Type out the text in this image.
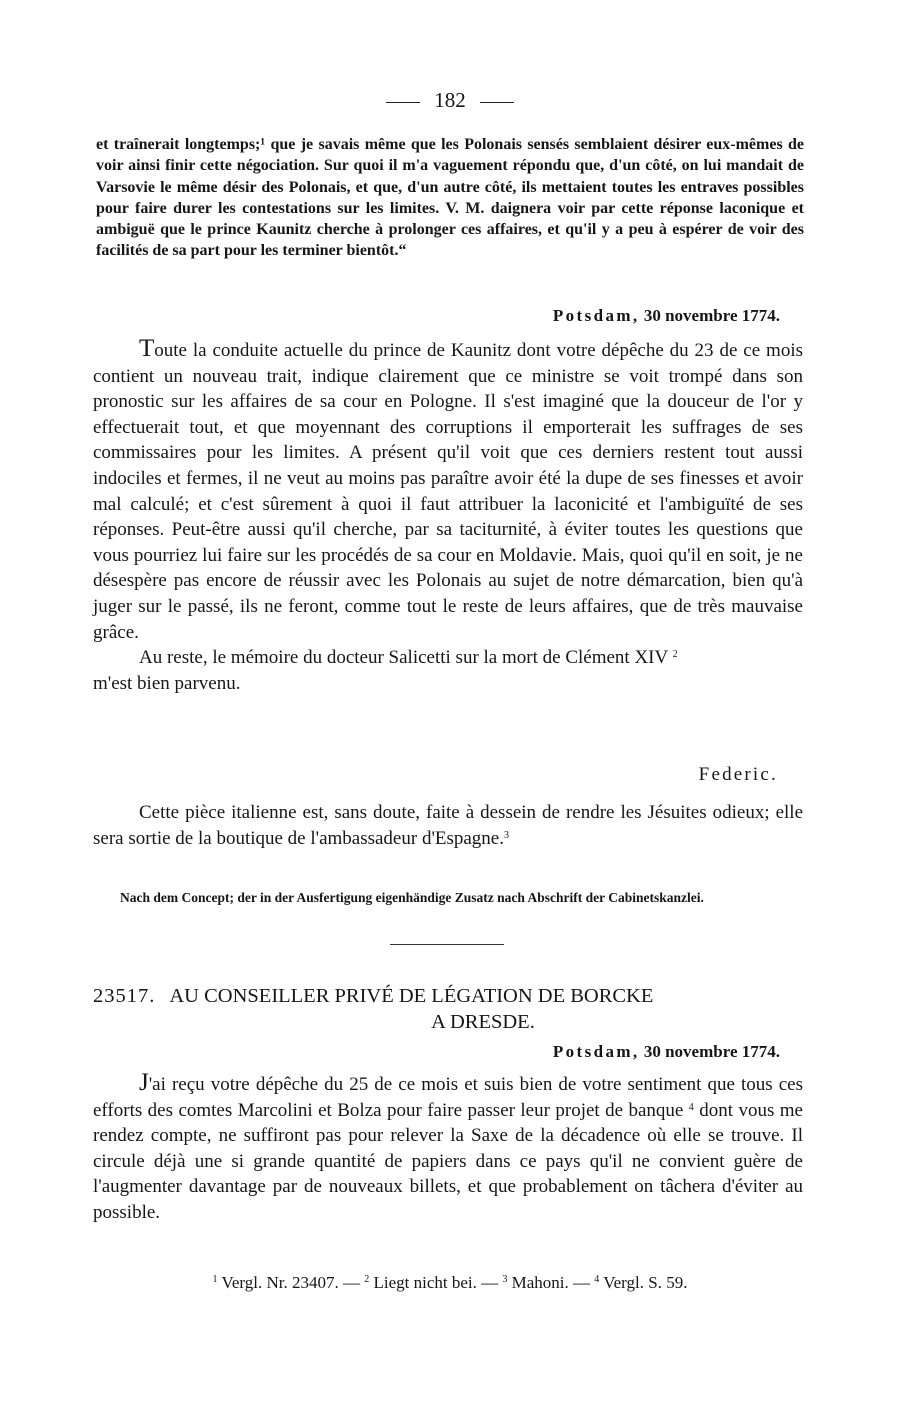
182
et traînerait longtemps;¹ que je savais même que les Polonais sensés semblaient désirer eux-mêmes de voir ainsi finir cette négociation. Sur quoi il m'a vaguement répondu que, d'un côté, on lui mandait de Varsovie le même désir des Polonais, et que, d'un autre côté, ils mettaient toutes les entraves possibles pour faire durer les contestations sur les limites. V. M. daignera voir par cette réponse laconique et ambiguë que le prince Kaunitz cherche à prolonger ces affaires, et qu'il y a peu à espérer de voir des facilités de sa part pour les terminer bientôt.“
Potsdam, 30 novembre 1774.

Toute la conduite actuelle du prince de Kaunitz dont votre dépêche du 23 de ce mois contient un nouveau trait, indique clairement que ce ministre se voit trompé dans son pronostic sur les affaires de sa cour en Pologne. Il s'est imaginé que la douceur de l'or y effectuerait tout, et que moyennant des corruptions il emporterait les suffrages de ses commissaires pour les limites. A présent qu'il voit que ces derniers restent tout aussi indociles et fermes, il ne veut au moins pas paraître avoir été la dupe de ses finesses et avoir mal calculé; et c'est sûrement à quoi il faut attribuer la laconicité et l'ambiguïté de ses réponses. Peut-être aussi qu'il cherche, par sa taciturnité, à éviter toutes les questions que vous pourriez lui faire sur les procédés de sa cour en Moldavie. Mais, quoi qu'il en soit, je ne désespère pas encore de réussir avec les Polonais au sujet de notre démarcation, bien qu'à juger sur le passé, ils ne feront, comme tout le reste de leurs affaires, que de très mauvaise grâce.

Au reste, le mémoire du docteur Salicetti sur la mort de Clément XIV $^2$
m'est bien parvenu.

Federic.

Cette pièce italienne est, sans doute, faite à dessein de rendre les Jésuites odieux; elle sera sortie de la boutique de l'ambassadeur d'Espagne.$^3$

Nach dem Concept; der in der Ausfertigung eigenhändige Zusatz nach Abschrift der Cabinetskanzlei.
23517. AU CONSEILLER PRIVÉ DE LÉGATION DE BORCKE
A DRESDE.
Potsdam, 30 novembre 1774.

J'ai reçu votre dépêche du 25 de ce mois et suis bien de votre sentiment que tous ces efforts des comtes Marcolini et Bolza pour faire passer leur projet de banque $^4$ dont vous me rendez compte, ne suffiront pas pour relever la Saxe de la décadence où elle se trouve. Il circule déjà une si grande quantité de papiers dans ce pays qu'il ne convient guère de l'augmenter davantage par de nouveaux billets, et que probablement on tâchera d'éviter au possible.

$^1$ Vergl. Nr. 23407. — $^2$ Liegt nicht bei. — $^3$ Mahoni. — $^4$ Vergl. S. 59.
